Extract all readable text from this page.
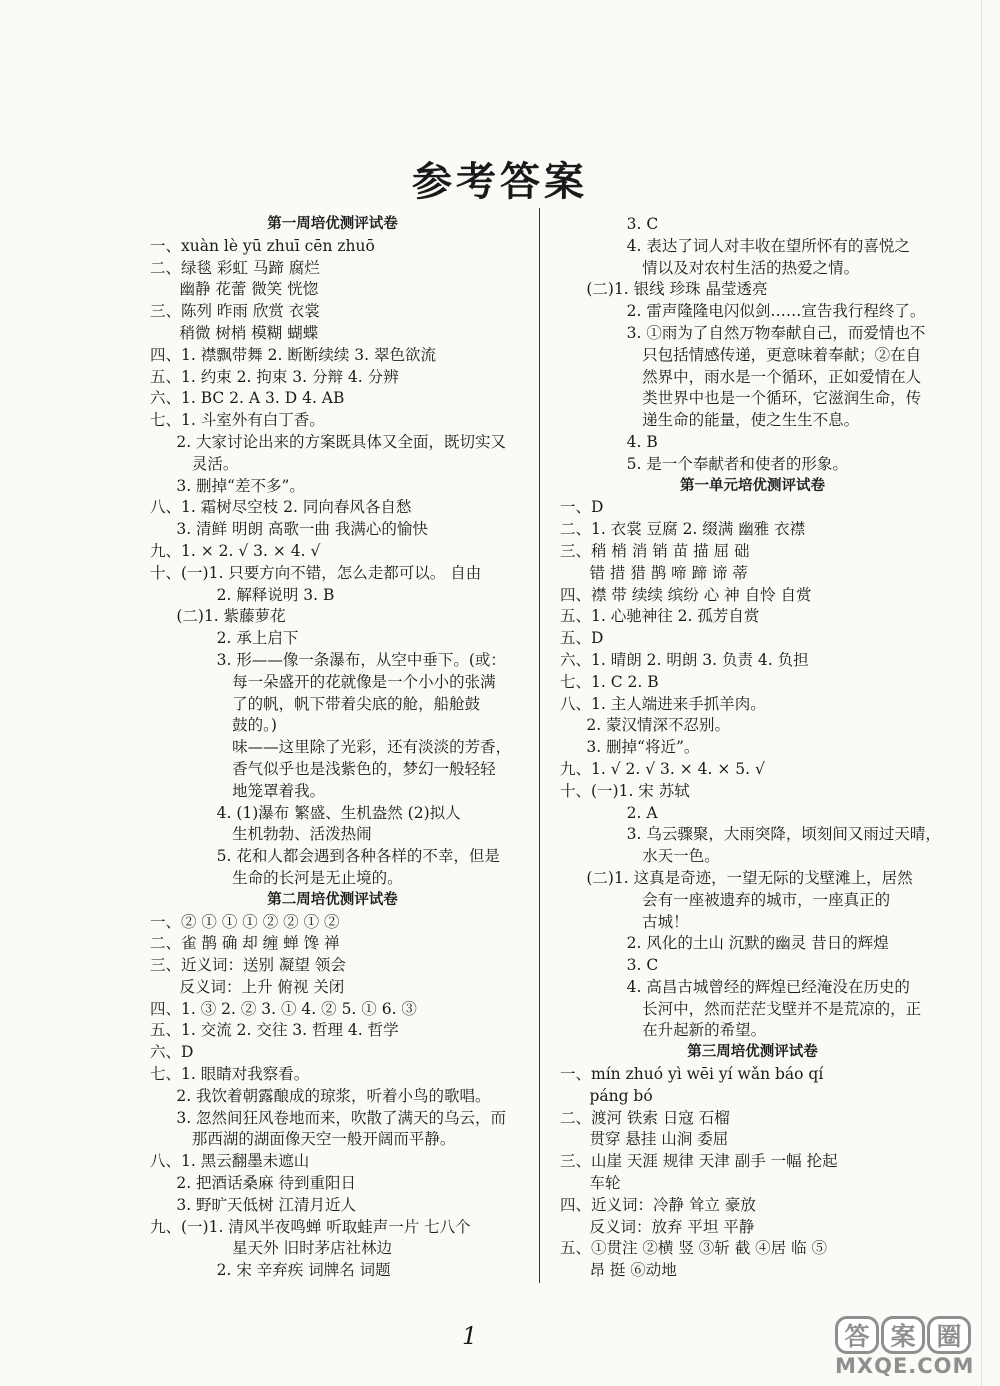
参考答案
第一周培优测评试卷
一、xuàn lè yū zhuī cēn zhuō
二、绿毯 彩虹 马蹄 腐烂
幽静 花蕾 微笑 恍惚
三、陈列 昨雨 欣赏 衣裳
稍微 树梢 模糊 蝴蝶
四、1. 襟飘带舞 2. 断断续续 3. 翠色欲流
五、1. 约束 2. 拘束 3. 分辩 4. 分辨
六、1. BC 2. A 3. D 4. AB
七、1. 斗室外有白丁香。
2. 大家讨论出来的方案既具体又全面，既切实又
灵活。
3. 删掉“差不多”。
八、1. 霜树尽空枝 2. 同向春风各自愁
3. 清鲜 明朗 高歌一曲 我满心的愉快
九、1. × 2. √ 3. × 4. √
十、(一)1. 只要方向不错，怎么走都可以。 自由
2. 解释说明 3. B
(二)1. 紫藤萝花
2. 承上启下
3. 形——像一条瀑布，从空中垂下。(或：
每一朵盛开的花就像是一个小小的张满
了的帆，帆下带着尖底的舱，船舱鼓
鼓的。)
味——这里除了光彩，还有淡淡的芳香，
香气似乎也是浅紫色的，梦幻一般轻轻
地笼罩着我。
4. (1)瀑布 繁盛、生机盎然 (2)拟人
生机勃勃、活泼热闹
5. 花和人都会遇到各种各样的不幸，但是
生命的长河是无止境的。
第二周培优测评试卷
一、② ① ① ① ② ② ① ②
二、雀 鹊 确 却 缠 蝉 馋 禅
三、近义词：送别 凝望 领会
反义词：上升 俯视 关闭
四、1. ③ 2. ② 3. ① 4. ② 5. ① 6. ③
五、1. 交流 2. 交往 3. 哲理 4. 哲学
六、D
七、1. 眼睛对我察看。
2. 我饮着朝露酿成的琼浆，听着小鸟的歌唱。
3. 忽然间狂风卷地而来，吹散了满天的乌云，而
那西湖的湖面像天空一般开阔而平静。
八、1. 黑云翻墨未遮山
2. 把酒话桑麻 待到重阳日
3. 野旷天低树 江清月近人
九、(一)1. 清风半夜鸣蝉 听取蛙声一片 七八个
星天外 旧时茅店社林边
2. 宋 辛弃疾 词牌名 词题
3. C
4. 表达了词人对丰收在望所怀有的喜悦之
情以及对农村生活的热爱之情。
(二)1. 银线 珍珠 晶莹透亮
2. 雷声隆隆电闪似剑……宣告我行程终了。
3. ①雨为了自然万物奉献自己，而爱情也不
只包括情感传递，更意味着奉献；②在自
然界中，雨水是一个循环，正如爱情在人
类世界中也是一个循环，它滋润生命，传
递生命的能量，使之生生不息。
4. B
5. 是一个奉献者和使者的形象。
第一单元培优测评试卷
一、D
二、1. 衣裳 豆腐 2. 缀满 幽雅 衣襟
三、稍 梢 消 销 苗 描 屈 础
错 措 猎 鹊 啼 蹄 谛 蒂
四、襟 带 续续 缤纷 心 神 自怜 自赏
五、1. 心驰神往 2. 孤芳自赏
五、D
六、1. 晴朗 2. 明朗 3. 负责 4. 负担
七、1. C 2. B
八、1. 主人端进来手抓羊肉。
2. 蒙汉情深不忍别。
3. 删掉“将近”。
九、1. √ 2. √ 3. × 4. × 5. √
十、(一)1. 宋 苏轼
2. A
3. 乌云骤聚，大雨突降，顷刻间又雨过天晴，
水天一色。
(二)1. 这真是奇迹，一望无际的戈壁滩上，居然
会有一座被遗弃的城市，一座真正的
古城！
2. 风化的土山 沉默的幽灵 昔日的辉煌
3. C
4. 高昌古城曾经的辉煌已经淹没在历史的
长河中，然而茫茫戈壁并不是荒凉的，正
在升起新的希望。
第三周培优测评试卷
一、mín zhuó yì wēi yí wǎn báo qí
páng bó
二、渡河 铁索 日寇 石榴
贯穿 悬挂 山涧 委屈
三、山崖 天涯 规律 天津 副手 一幅 抡起
车轮
四、近义词：冷静 耸立 豪放
反义词：放弃 平坦 平静
五、①贯注 ②横 竖 ③斩 截 ④居 临 ⑤
昂 挺 ⑥动地
1	答 案 圈
MXQE.COM
